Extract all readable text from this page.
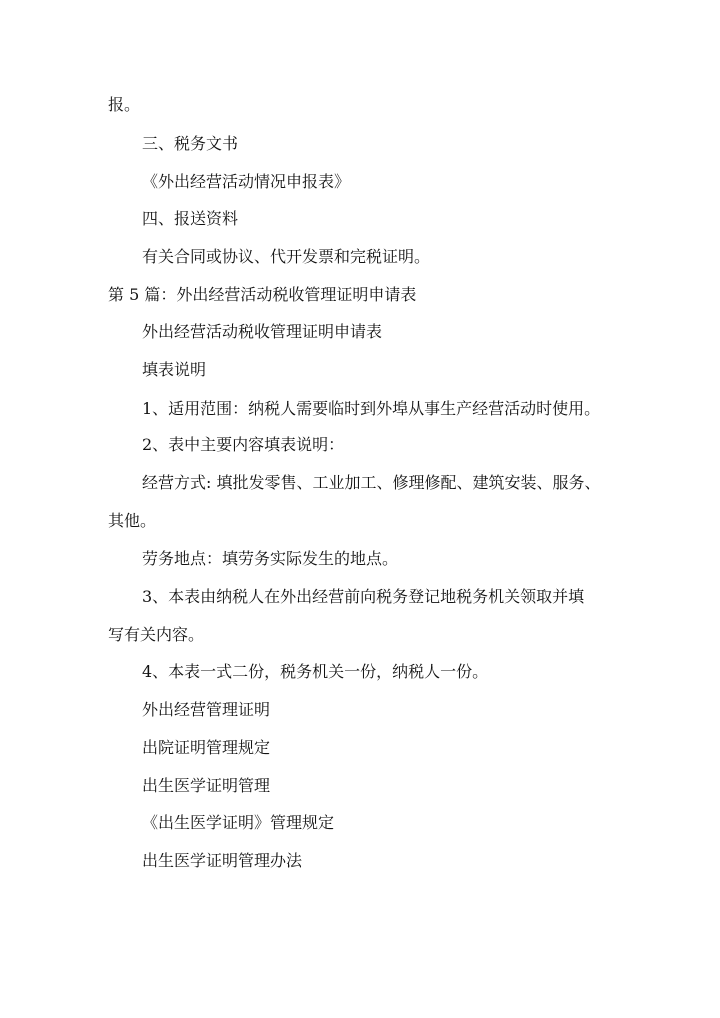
报。
三、税务文书
《外出经营活动情况申报表》
四、报送资料
有关合同或协议、代开发票和完税证明。
第 5 篇：外出经营活动税收管理证明申请表
外出经营活动税收管理证明申请表
填表说明
1、适用范围：纳税人需要临时到外埠从事生产经营活动时使用。
2、表中主要内容填表说明：
经营方式: 填批发零售、工业加工、修理修配、建筑安装、服务、
其他。
劳务地点：填劳务实际发生的地点。
3、本表由纳税人在外出经营前向税务登记地税务机关领取并填
写有关内容。
4、本表一式二份，税务机关一份，纳税人一份。
外出经营管理证明
出院证明管理规定
出生医学证明管理
《出生医学证明》管理规定
出生医学证明管理办法
